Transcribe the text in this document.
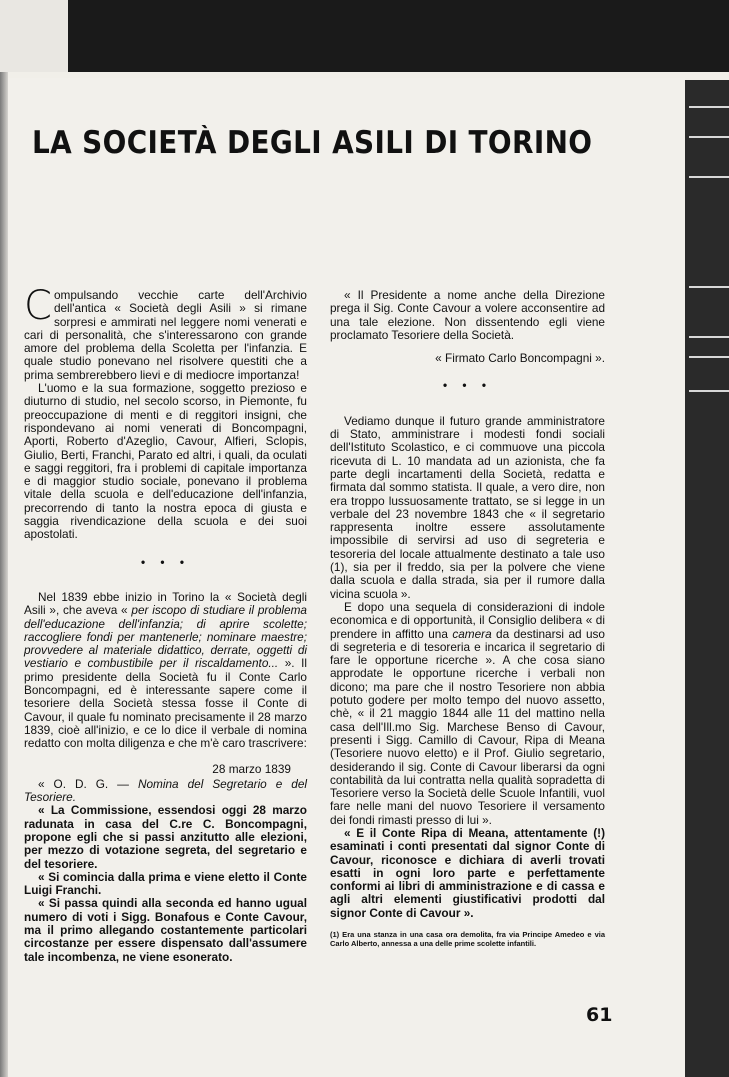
LA SOCIETÀ DEGLI ASILI DI TORINO

Compulsando vecchie carte dell'Archivio dell'antica « Società degli Asili » si rimane sorpresi e ammirati nel leggere nomi venerati e cari di personalità, che s'interessarono con grande amore del problema della Scoletta per l'infanzia. E quale studio ponevano nel risolvere questiti che a prima sembrerebbero lievi e di mediocre importanza!

L'uomo e la sua formazione, soggetto prezioso e diuturno di studio, nel secolo scorso, in Piemonte, fu preoccupazione di menti e di reggitori insigni, che rispondevano ai nomi venerati di Boncompagni, Aporti, Roberto d'Azeglio, Cavour, Alfieri, Sclopis, Giulio, Berti, Franchi, Parato ed altri, i quali, da oculati e saggi reggitori, fra i problemi di capitale importanza e di maggior studio sociale, ponevano il problema vitale della scuola e dell'educazione dell'infanzia, precorrendo di tanto la nostra epoca di giusta e saggia rivendicazione della scuola e dei suoi apostolati.

• • •

Nel 1839 ebbe inizio in Torino la « Società degli Asili », che aveva « per iscopo di studiare il problema dell'educazione dell'infanzia; di aprire scolette; raccogliere fondi per mantenerle; nominare maestre; provvedere al materiale didattico, derrate, oggetti di vestiario e combustibile per il riscaldamento... ». Il primo presidente della Società fu il Conte Carlo Boncompagni, ed è interessante sapere come il tesoriere della Società stessa fosse il Conte di Cavour, il quale fu nominato precisamente il 28 marzo 1839, cioè all'inizio, e ce lo dice il verbale di nomina redatto con molta diligenza e che m'è caro trascrivere:

28 marzo 1839

« O. D. G. — Nomina del Segretario e del Tesoriere.

« La Commissione, essendosi oggi 28 marzo radunata in casa del C.re C. Boncompagni, propone egli che si passi anzitutto alle elezioni, per mezzo di votazione segreta, del segretario e del tesoriere.

« Si comincia dalla prima e viene eletto il Conte Luigi Franchi.

« Si passa quindi alla seconda ed hanno ugual numero di voti i Sigg. Bonafous e Conte Cavour, ma il primo allegando costantemente particolari circostanze per essere dispensato dall'assumere tale incombenza, ne viene esonerato.

« Il Presidente a nome anche della Direzione prega il Sig. Conte Cavour a volere acconsentire ad una tale elezione. Non dissentendo egli viene proclamato Tesoriere della Società.

« Firmato Carlo Boncompagni ».
• • •

Vediamo dunque il futuro grande amministratore di Stato, amministrare i modesti fondi sociali dell'Istituto Scolastico, e ci commuove una piccola ricevuta di L. 10 mandata ad un azionista, che fa parte degli incartamenti della Società, redatta e firmata dal sommo statista. Il quale, a vero dire, non era troppo lussuosamente trattato, se si legge in un verbale del 23 novembre 1843 che « il segretario rappresenta inoltre essere assolutamente impossibile di servirsi ad uso di segreteria e tesoreria del locale attualmente destinato a tale uso (1), sia per il freddo, sia per la polvere che viene dalla scuola e dalla strada, sia per il rumore dalla vicina scuola ».

E dopo una sequela di considerazioni di indole economica e di opportunità, il Consiglio delibera « di prendere in affitto una camera da destinarsi ad uso di segreteria e di tesoreria e incarica il segretario di fare le opportune ricerche ». A che cosa siano approdate le opportune ricerche i verbali non dicono; ma pare che il nostro Tesoriere non abbia potuto godere per molto tempo del nuovo assetto, chè, « il 21 maggio 1844 alle 11 del mattino nella casa dell'Ill.mo Sig. Marchese Benso di Cavour, presenti i Sigg. Camillo di Cavour, Ripa di Meana (Tesoriere nuovo eletto) e il Prof. Giulio segretario, desiderando il sig. Conte di Cavour liberarsi da ogni contabilità da lui contratta nella qualità sopradetta di Tesoriere verso la Società delle Scuole Infantili, vuol fare nelle mani del nuovo Tesoriere il versamento dei fondi rimasti presso di lui ».

« E il Conte Ripa di Meana, attentamente (!) esaminati i conti presentati dal signor Conte di Cavour, riconosce e dichiara di averli trovati esatti in ogni loro parte e perfettamente conformi ai libri di amministrazione e di cassa e agli altri elementi giustificativi prodotti dal signor Conte di Cavour ».

(1) Era una stanza in una casa ora demolita, fra via Principe Amedeo e via Carlo Alberto, annessa a una delle prime scolette infantili.
61
